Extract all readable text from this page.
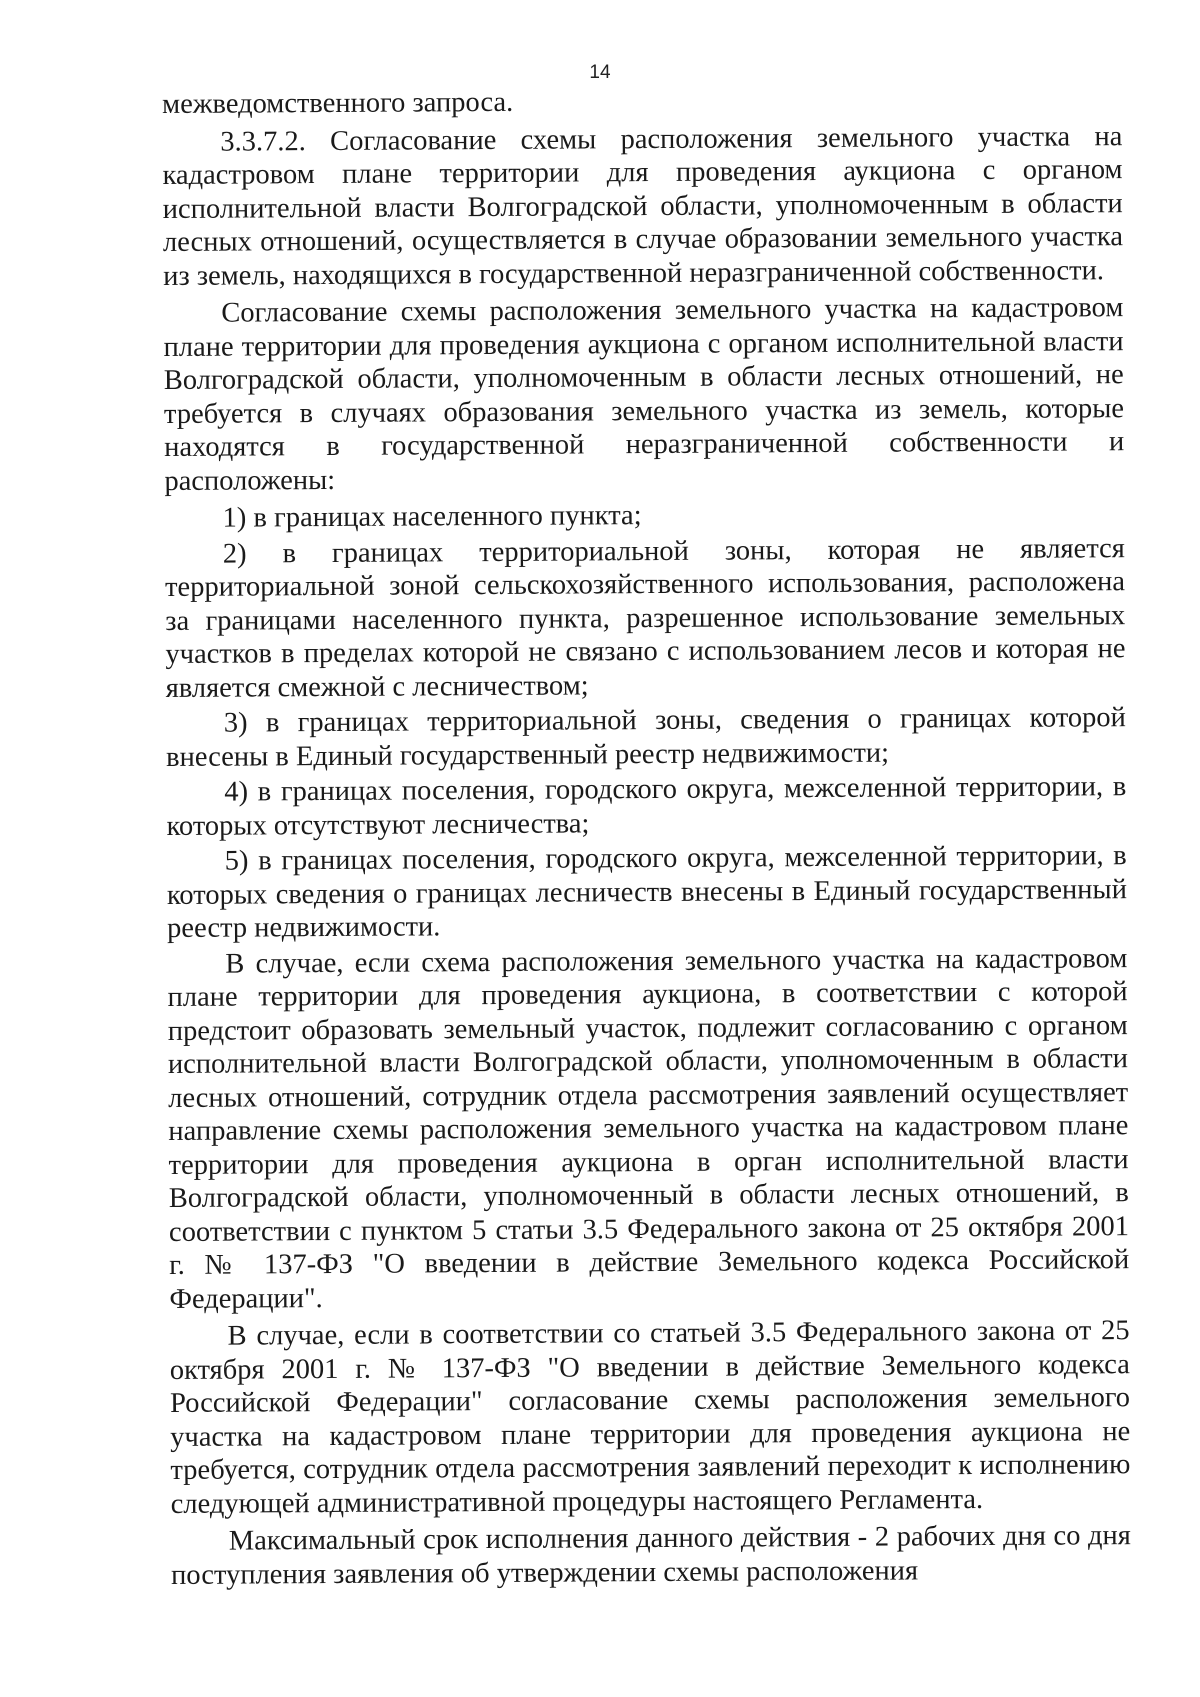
14

межведомственного запроса.

3.3.7.2. Согласование схемы расположения земельного участка на кадастровом плане территории для проведения аукциона с органом исполнительной власти Волгоградской области, уполномоченным в области лесных отношений, осуществляется в случае образовании земельного участка из земель, находящихся в государственной неразграниченной собственности.

Согласование схемы расположения земельного участка на кадастровом плане территории для проведения аукциона с органом исполнительной власти Волгоградской области, уполномоченным в области лесных отношений, не требуется в случаях образования земельного участка из земель, которые находятся в государственной неразграниченной собственности и расположены:

1) в границах населенного пункта;

2) в границах территориальной зоны, которая не является территориальной зоной сельскохозяйственного использования, расположена за границами населенного пункта, разрешенное использование земельных участков в пределах которой не связано с использованием лесов и которая не является смежной с лесничеством;

3) в границах территориальной зоны, сведения о границах которой внесены в Единый государственный реестр недвижимости;

4) в границах поселения, городского округа, межселенной территории, в которых отсутствуют лесничества;

5) в границах поселения, городского округа, межселенной территории, в которых сведения о границах лесничеств внесены в Единый государственный реестр недвижимости.

В случае, если схема расположения земельного участка на кадастровом плане территории для проведения аукциона, в соответствии с которой предстоит образовать земельный участок, подлежит согласованию с органом исполнительной власти Волгоградской области, уполномоченным в области лесных отношений, сотрудник отдела рассмотрения заявлений осуществляет направление схемы расположения земельного участка на кадастровом плане территории для проведения аукциона в орган исполнительной власти Волгоградской области, уполномоченный в области лесных отношений, в соответствии с пунктом 5 статьи 3.5 Федерального закона от 25 октября 2001 г. № 137-ФЗ "О введении в действие Земельного кодекса Российской Федерации".

В случае, если в соответствии со статьей 3.5 Федерального закона от 25 октября 2001 г. № 137-ФЗ "О введении в действие Земельного кодекса Российской Федерации" согласование схемы расположения земельного участка на кадастровом плане территории для проведения аукциона не требуется, сотрудник отдела рассмотрения заявлений переходит к исполнению следующей административной процедуры настоящего Регламента.

Максимальный срок исполнения данного действия - 2 рабочих дня со дня поступления заявления об утверждении схемы расположения
